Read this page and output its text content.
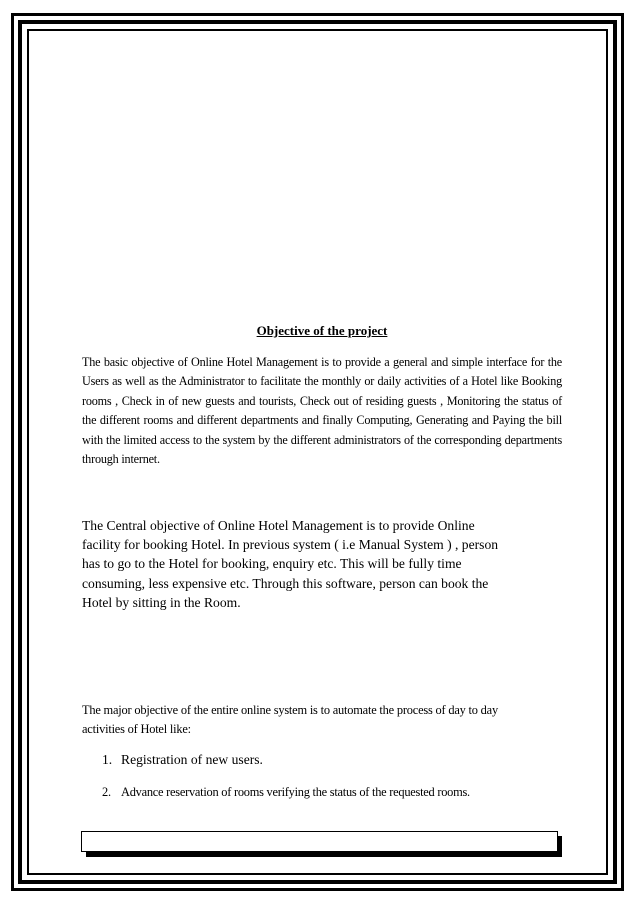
Objective of the project

The basic objective of Online Hotel Management is to provide a general and simple interface for the Users as well as the Administrator to facilitate the monthly or daily activities of a Hotel like Booking rooms , Check in of new guests and tourists, Check out of residing guests , Monitoring the status of the different rooms and different departments and finally Computing, Generating and Paying the bill with the limited access to the system by the different administrators of the corresponding departments through internet.

The Central objective of Online Hotel Management is to provide Online
facility for booking Hotel. In previous system ( i.e Manual System ) , person
has to go to the Hotel for booking, enquiry etc. This will be fully time
consuming, less expensive etc. Through this software, person can book the
Hotel by sitting in the Room.

The major objective of the entire online system is to automate the process of day to day
activities of Hotel like:

1. Registration of new users.
2. Advance reservation of rooms verifying the status of the requested rooms.
